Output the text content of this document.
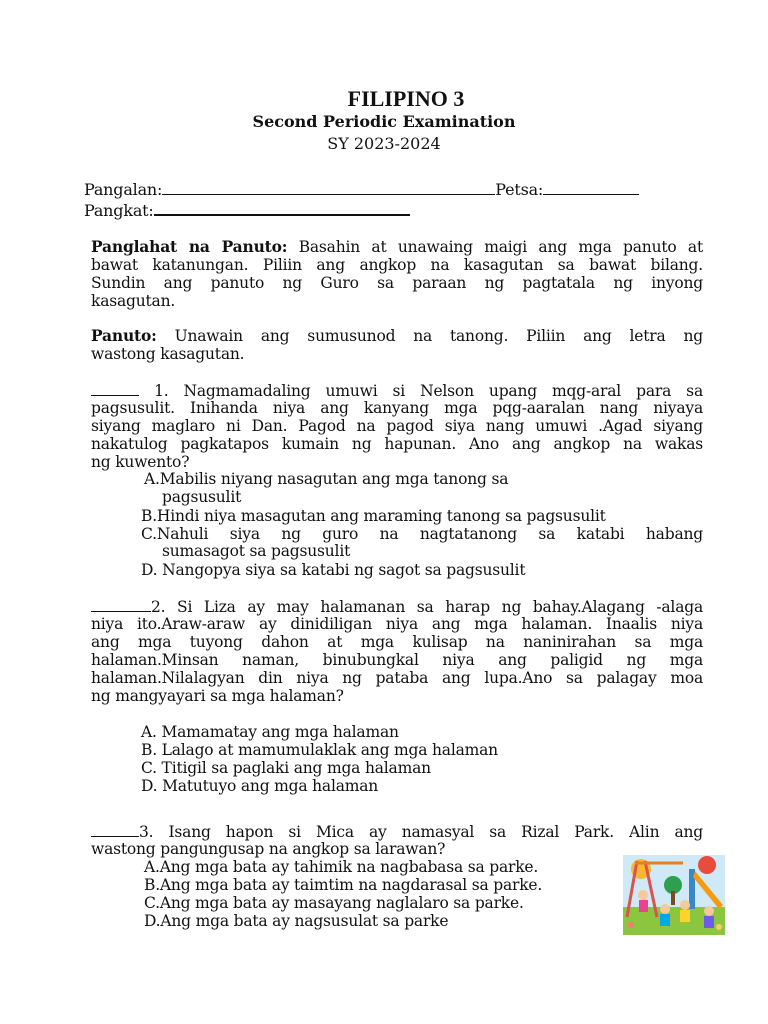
FILIPINO 3
Second Periodic Examination
SY 2023-2024
Pangalan:	Petsa:
Pangkat:
Panglahat na Panuto: Basahin at unawaing maigi ang mga panuto at
bawat katanungan. Piliin ang angkop na kasagutan sa bawat bilang.
Sundin ang panuto ng Guro sa paraan ng pagtatala ng inyong
kasagutan.
Panuto: Unawain ang sumusunod na tanong. Piliin ang letra ng
wastong kasagutan.
1. Nagmamadaling umuwi si Nelson upang mqg-aral para sa
pagsusulit. Inihanda niya ang kanyang mga pqg-aaralan nang niyaya
siyang maglaro ni Dan. Pagod na pagod siya nang umuwi .Agad siyang
nakatulog pagkatapos kumain ng hapunan. Ano ang angkop na wakas
ng kuwento?
A.Mabilis niyang nasagutan ang mga tanong sa
pagsusulit
B.Hindi niya masagutan ang maraming tanong sa pagsusulit
C.Nahuli siya ng guro na nagtatanong sa katabi habang
sumasagot sa pagsusulit
D. Nangopya siya sa katabi ng sagot sa pagsusulit
2. Si Liza ay may halamanan sa harap ng bahay.Alagang -alaga
niya ito.Araw-araw ay dinidiligan niya ang mga halaman. Inaalis niya
ang mga tuyong dahon at mga kulisap na naninirahan sa mga
halaman.Minsan naman, binubungkal niya ang paligid ng mga
halaman.Nilalagyan din niya ng pataba ang lupa.Ano sa palagay moa
ng mangyayari sa mga halaman?
A. Mamamatay ang mga halaman
B. Lalago at mamumulaklak ang mga halaman
C. Titigil sa paglaki ang mga halaman
D. Matutuyo ang mga halaman
3. Isang hapon si Mica ay namasyal sa Rizal Park. Alin ang
wastong pangungusap na angkop sa larawan?
A.Ang mga bata ay tahimik na nagbabasa sa parke.
B.Ang mga bata ay taimtim na nagdarasal sa parke.
C.Ang mga bata ay masayang naglalaro sa parke.
D.Ang mga bata ay nagsusulat sa parke
